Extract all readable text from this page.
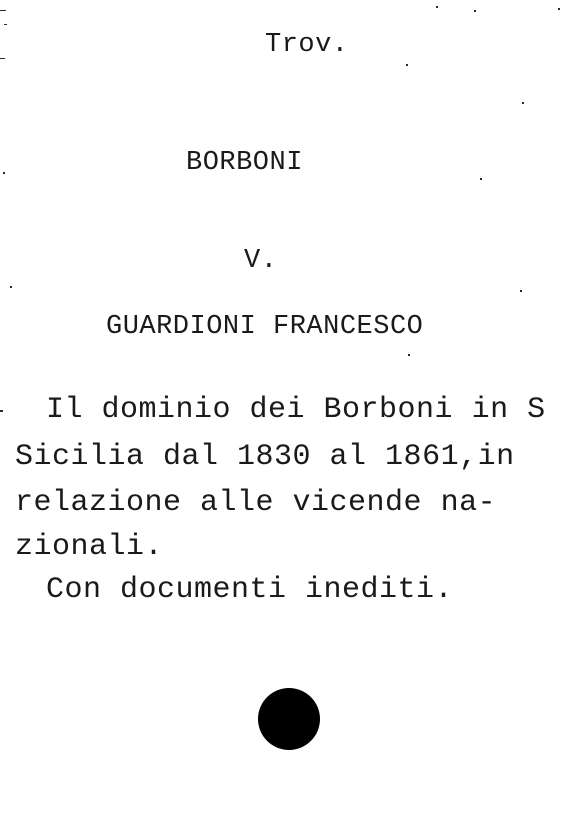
Trov.
BORBONI
V.
GUARDIONI FRANCESCO
Il dominio dei Borboni in S
Sicilia dal 1830 al 1861,in
relazione alle vicende na-
zionali.
Con documenti inediti.
